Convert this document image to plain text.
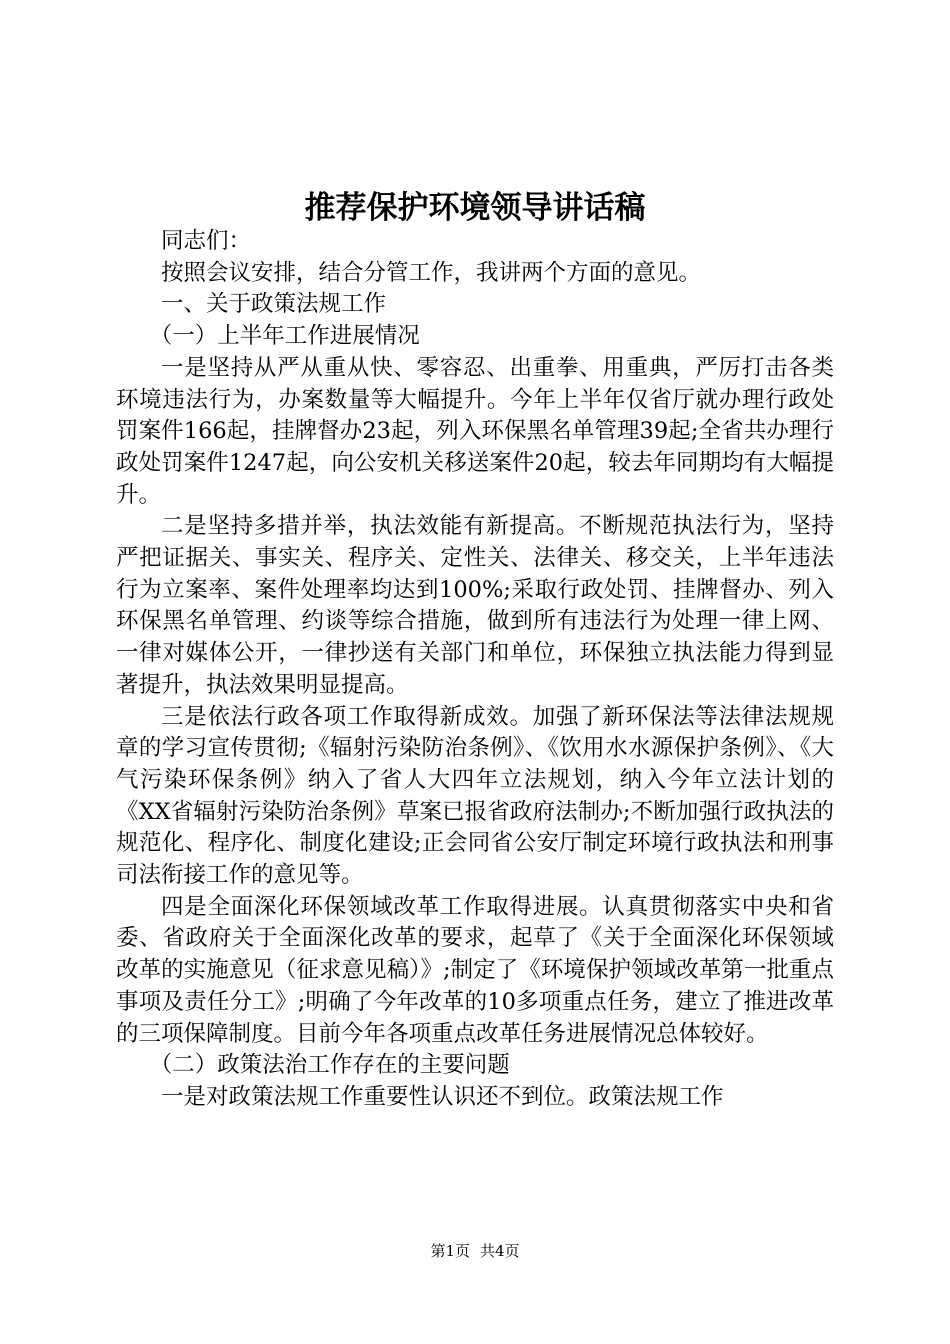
推荐保护环境领导讲话稿

同志们：

按照会议安排，结合分管工作，我讲两个方面的意见。

一、关于政策法规工作

（一）上半年工作进展情况

一是坚持从严从重从快、零容忍、出重拳、用重典，严厉打击各类环境违法行为，办案数量等大幅提升。今年上半年仅省厅就办理行政处罚案件166起，挂牌督办23起，列入环保黑名单管理39起;全省共办理行政处罚案件1247起，向公安机关移送案件20起，较去年同期均有大幅提升。

二是坚持多措并举，执法效能有新提高。不断规范执法行为，坚持严把证据关、事实关、程序关、定性关、法律关、移交关，上半年违法行为立案率、案件处理率均达到100%;采取行政处罚、挂牌督办、列入环保黑名单管理、约谈等综合措施，做到所有违法行为处理一律上网、一律对媒体公开，一律抄送有关部门和单位，环保独立执法能力得到显著提升，执法效果明显提高。

三是依法行政各项工作取得新成效。加强了新环保法等法律法规规章的学习宣传贯彻;《辐射污染防治条例》、《饮用水水源保护条例》、《大气污染环保条例》纳入了省人大四年立法规划，纳入今年立法计划的《XX省辐射污染防治条例》草案已报省政府法制办;不断加强行政执法的规范化、程序化、制度化建设;正会同省公安厅制定环境行政执法和刑事司法衔接工作的意见等。

四是全面深化环保领域改革工作取得进展。认真贯彻落实中央和省委、省政府关于全面深化改革的要求，起草了《关于全面深化环保领域改革的实施意见（征求意见稿）》;制定了《环境保护领域改革第一批重点事项及责任分工》;明确了今年改革的10多项重点任务，建立了推进改革的三项保障制度。目前今年各项重点改革任务进展情况总体较好。

（二）政策法治工作存在的主要问题

一是对政策法规工作重要性认识还不到位。政策法规工作

第1页 共4页
